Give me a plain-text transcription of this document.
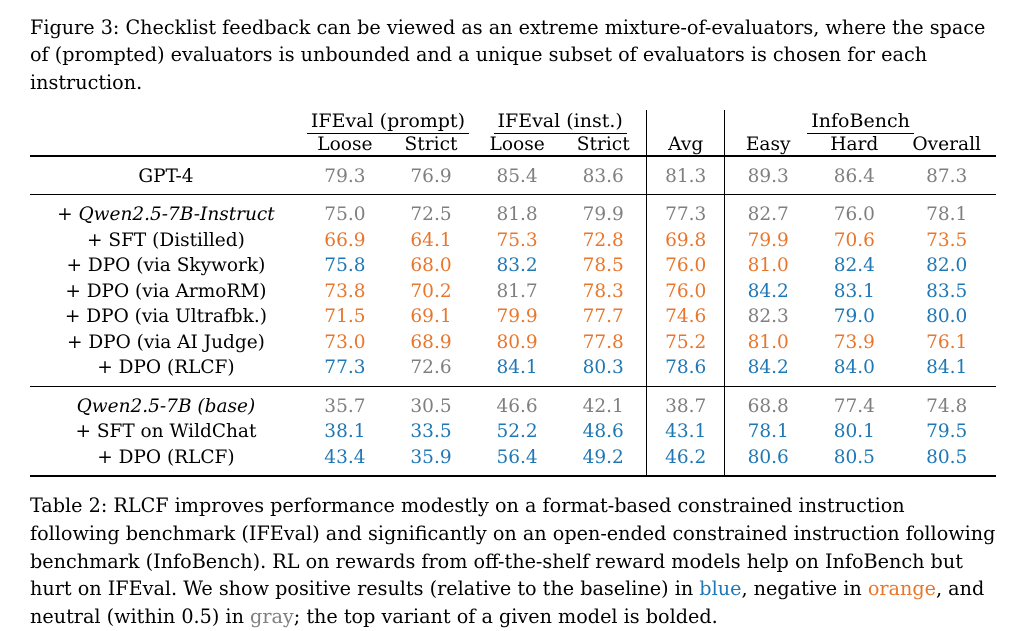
Figure 3: Checklist feedback can be viewed as an extreme mixture-of-evaluators, where the space of (prompted) evaluators is unbounded and a unique subset of evaluators is chosen for each instruction.

	IFEval (prompt)		IFEval (inst.)			InfoBench		
	Loose	Strict	Loose	Strict	Avg	Easy	Hard	Overall

GPT-4	79.3	76.9	85.4	83.6	81.3	89.3	86.4	87.3

+ Qwen2.5-7B-Instruct	75.0	72.5	81.8	79.9	77.3	82.7	76.0	78.1
+ SFT (Distilled)	66.9	64.1	75.3	72.8	69.8	79.9	70.6	73.5
+ DPO (via Skywork)	75.8	68.0	83.2	78.5	76.0	81.0	82.4	82.0
+ DPO (via ArmoRM)	73.8	70.2	81.7	78.3	76.0	84.2	83.1	83.5
+ DPO (via Ultrafbk.)	71.5	69.1	79.9	77.7	74.6	82.3	79.0	80.0
+ DPO (via AI Judge)	73.0	68.9	80.9	77.8	75.2	81.0	73.9	76.1
+ DPO (RLCF)	77.3	72.6	84.1	80.3	78.6	84.2	84.0	84.1

Qwen2.5-7B (base)	35.7	30.5	46.6	42.1	38.7	68.8	77.4	74.8
+ SFT on WildChat	38.1	33.5	52.2	48.6	43.1	78.1	80.1	79.5
+ DPO (RLCF)	43.4	35.9	56.4	49.2	46.2	80.6	80.5	80.5

Table 2: RLCF improves performance modestly on a format-based constrained instruction following benchmark (IFEval) and significantly on an open-ended constrained instruction following benchmark (InfoBench). RL on rewards from off-the-shelf reward models help on InfoBench but hurt on IFEval. We show positive results (relative to the baseline) in blue, negative in orange, and neutral (within 0.5) in gray; the top variant of a given model is bolded.
